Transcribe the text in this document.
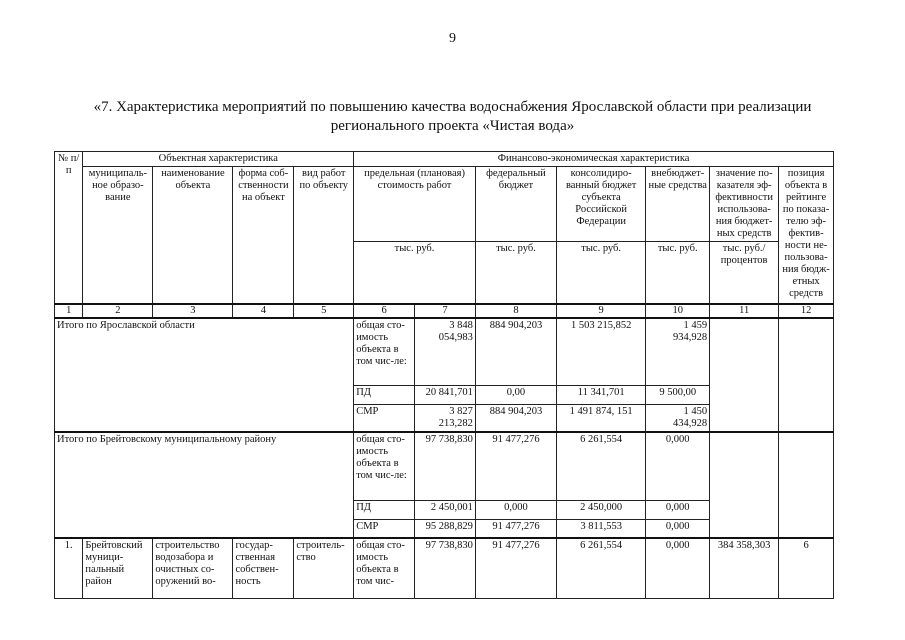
9
«7. Характеристика мероприятий по повышению качества водоснабжения Ярославской области при реализации
регионального проекта «Чистая вода»
№ п/п	Объектная характеристика				Финансово-экономическая характеристика						
	муниципаль-ное образо-вание	наименование объекта	форма соб-ственности на объект	вид работ по объекту	предельная (плановая) стоимость работ		федеральный бюджет	консолидиро-ванный бюджет субъекта Российской Федерации	внебюджет-ные средства	значение по-казателя эф-фективности использова-ния бюджет-ных средств	позиция объекта в рейтинге по показа-телю эф-фектив-ности не-пользова-ния бюдж-етных средств
					тыс. руб.		тыс. руб.	тыс. руб.	тыс. руб.	тыс. руб./ процентов	
1	2	3	4	5	6	7	8	9	10	11	12
Итого по Ярославской области					общая сто-имость объекта в том чис-ле:	3 848 054,983	884 904,203	1 503 215,852	1 459 934,928		
					ПД	20 841,701	0,00	11 341,701	9 500,00		
					СМР	3 827 213,282	884 904,203	1 491 874, 151	1 450 434,928		
Итого по Брейтовскому муниципальному району					общая сто-имость объекта в том чис-ле:	97 738,830	91 477,276	6 261,554	0,000		
					ПД	2 450,001	0,000	2 450,000	0,000		
					СМР	95 288,829	91 477,276	3 811,553	0,000		
1.	Брейтовский муници-пальный район	строительство водозабора и очистных со-оружений во-	государ-ственная собствен-ность	строитель-ство	общая сто-имость объекта в том чис-	97 738,830	91 477,276	6 261,554	0,000	384 358,303	6
